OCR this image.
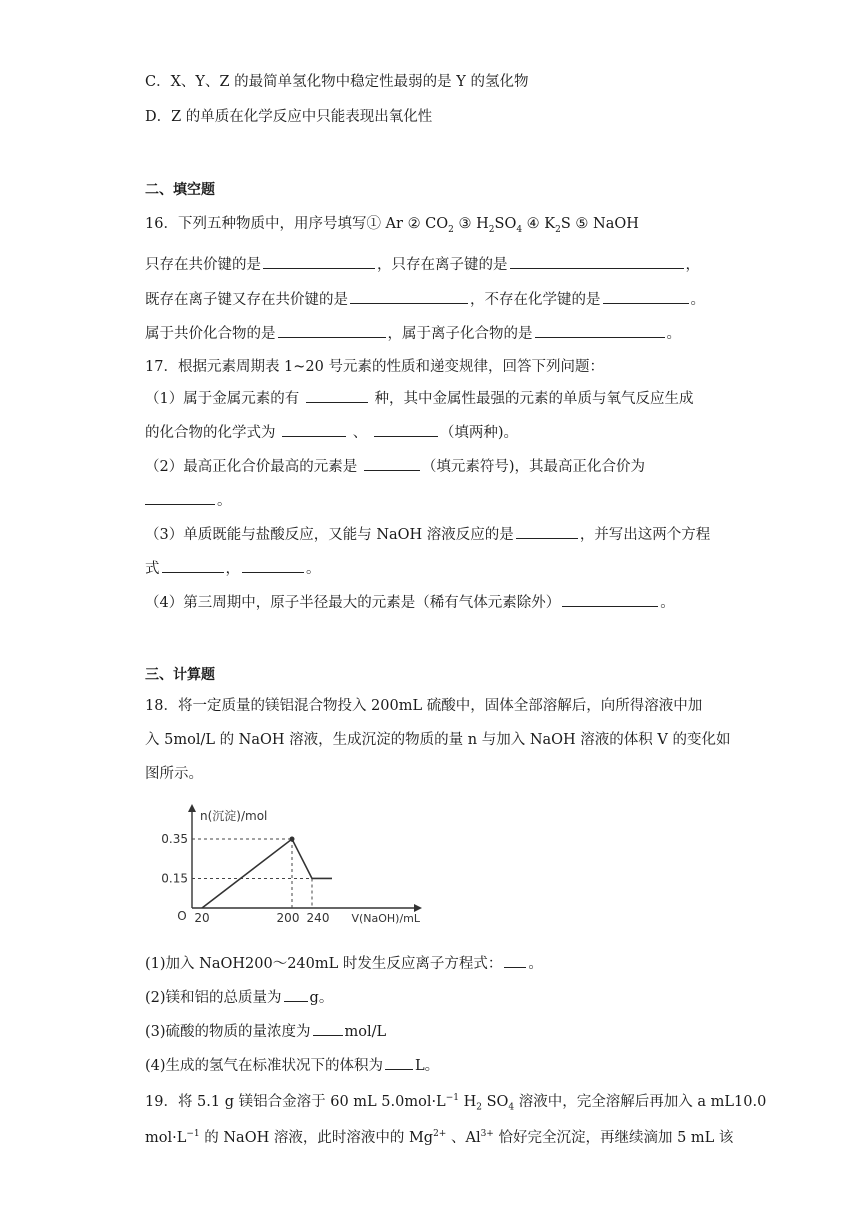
C．X、Y、Z 的最简单氢化物中稳定性最弱的是 Y 的氢化物
D．Z 的单质在化学反应中只能表现出氧化性
二、填空题
16．下列五种物质中，用序号填写① Ar ② $CO_2$ ③ $H_2SO_4$ ④ $K_2S$ ⑤ NaOH
只存在共价键的是	，只存在离子键的是	，
既存在离子键又存在共价键的是	，不存在化学键的是	。
属于共价化合物的是	，属于离子化合物的是	。
17．根据元素周期表 1~20 号元素的性质和递变规律，回答下列问题：
（1）属于金属元素的有	种，其中金属性最强的元素的单质与氧气反应生成
的化合物的化学式为	、	（填两种)。
（2）最高正化合价最高的元素是	（填元素符号)，其最高正化合价为
。
（3）单质既能与盐酸反应，又能与 NaOH 溶液反应的是	，并写出这两个方程
式	，	。
（4）第三周期中，原子半径最大的元素是（稀有气体元素除外）	。
三、计算题
18．将一定质量的镁铝混合物投入 200mL 硫酸中，固体全部溶解后，向所得溶液中加
入 5mol/L 的 NaOH 溶液，生成沉淀的物质的量 n 与加入 NaOH 溶液的体积 V 的变化如
图所示。
n(沉淀)/mol
V(NaOH)/mL
O
0.35
0.15
20	200 240
(1)加入 NaOH200～240mL 时发生反应离子方程式： 。
(2)镁和铝的总质量为 g。
(3)硫酸的物质的量浓度为 mol/L
(4)生成的氢气在标准状况下的体积为 L。
19．将 5.1 g 镁铝合金溶于 60 mL $5.0mol\cdot L^{-1}$ $H_2$ $SO_4$ 溶液中，完全溶解后再加入 a mL10.0
$mol\cdot L^{-1}$ 的 NaOH 溶液，此时溶液中的 $Mg^{2+}$ 、$Al^{3+}$ 恰好完全沉淀，再继续滴加 5 mL 该
